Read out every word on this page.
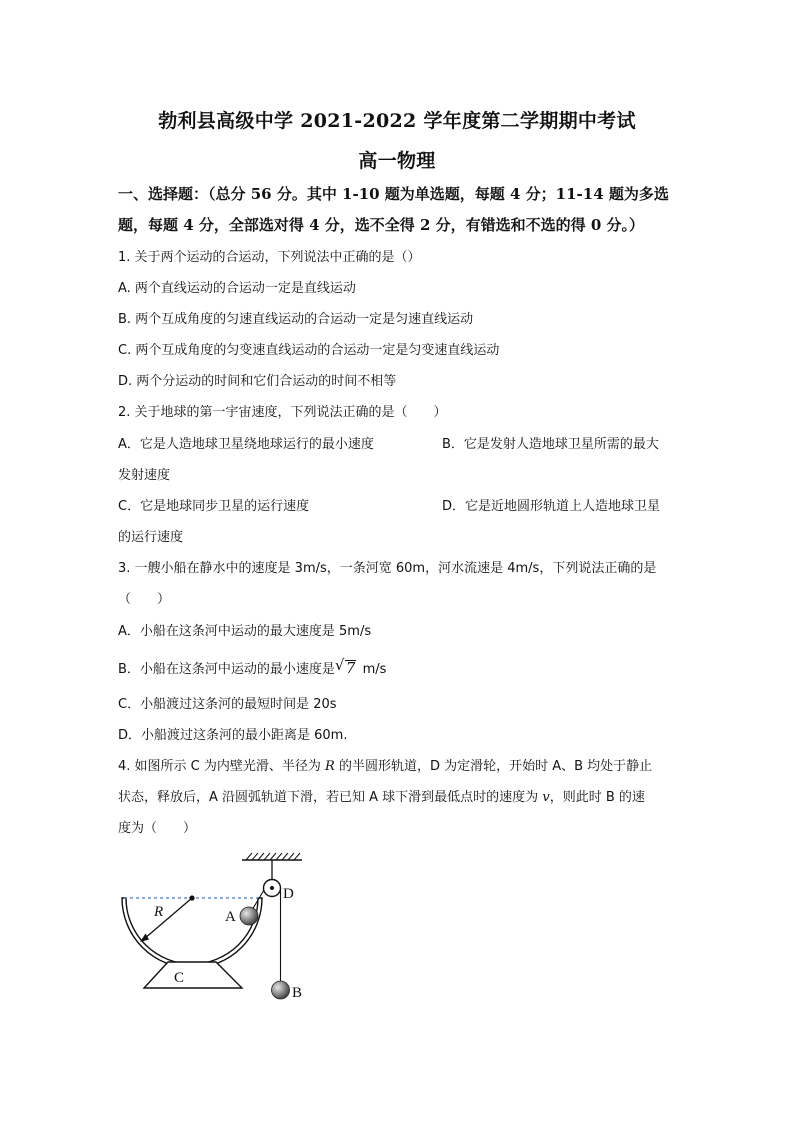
勃利县高级中学 2021-2022 学年度第二学期期中考试
高一物理
一、选择题：（总分 56 分。其中 1-10 题为单选题，每题 4 分；11-14 题为多选
题，每题 4 分，全部选对得 4 分，选不全得 2 分，有错选和不选的得 0 分。）
1. 关于两个运动的合运动，下列说法中正确的是（）
A. 两个直线运动的合运动一定是直线运动
B. 两个互成角度的匀速直线运动的合运动一定是匀速直线运动
C. 两个互成角度的匀变速直线运动的合运动一定是匀变速直线运动
D. 两个分运动的时间和它们合运动的时间不相等
2. 关于地球的第一宇宙速度，下列说法正确的是（　　）
A．它是人造地球卫星绕地球运行的最小速度	B．它是发射人造地球卫星所需的最大
发射速度
C．它是地球同步卫星的运行速度	D．它是近地圆形轨道上人造地球卫星
的运行速度
3. 一艘小船在静水中的速度是 3m/s，一条河宽 60m，河水流速是 4m/s，下列说法正确的是
（　　）
A．小船在这条河中运动的最大速度是 5m/s
B．小船在这条河中运动的最小速度是 √ 7 m/s
C．小船渡过这条河的最短时间是 20s
D．小船渡过这条河的最小距离是 60m.
4. 如图所示 C 为内壁光滑、半径为 R 的半圆形轨道，D 为定滑轮，开始时 A、B 均处于静止
状态，释放后，A 沿圆弧轨道下滑，若已知 A 球下滑到最低点时的速度为 v，则此时 B 的速
度为（　　）
R
C
A
B
D
